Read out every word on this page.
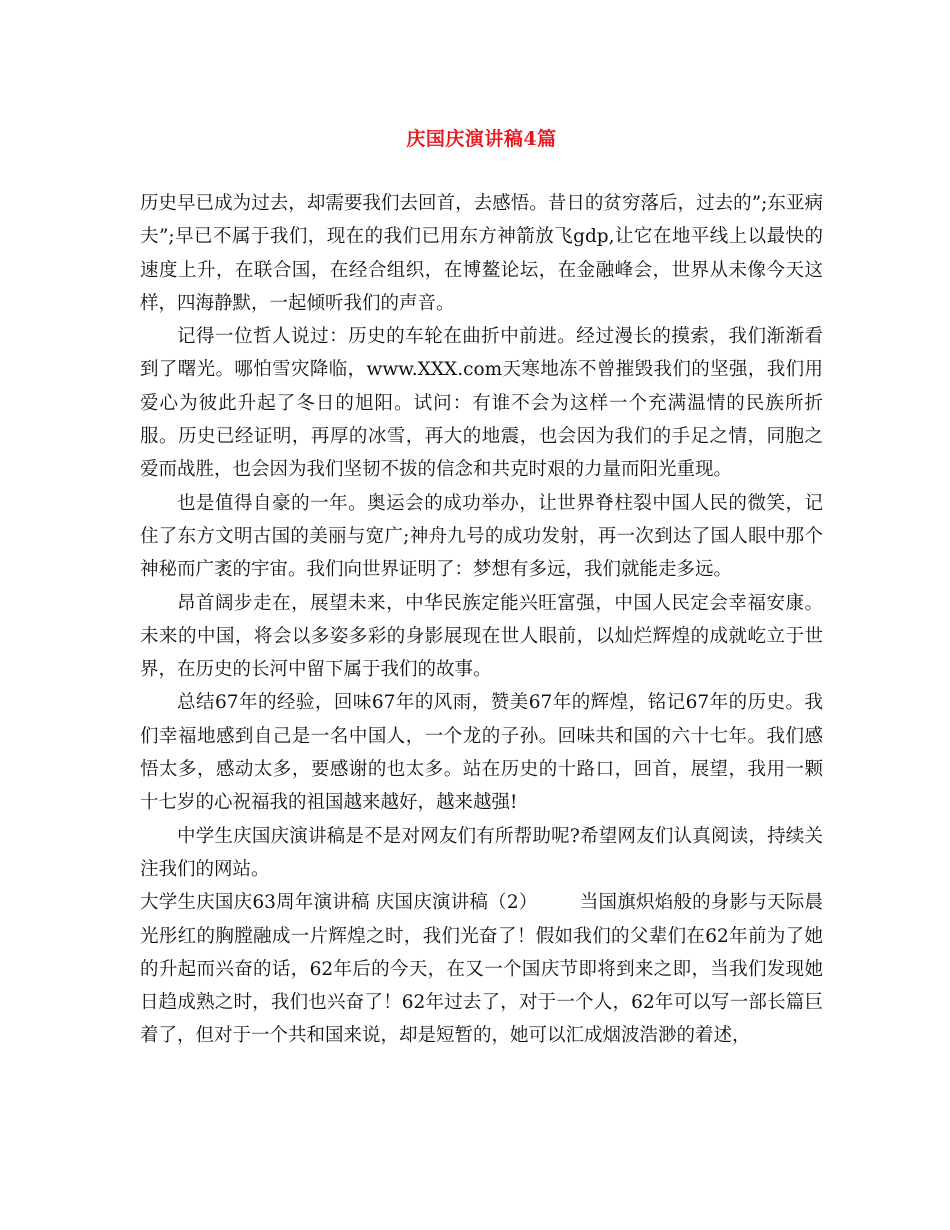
庆国庆演讲稿4篇

历史早已成为过去，却需要我们去回首，去感悟。昔日的贫穷落后，过去的”;东亚病夫”;早已不属于我们，现在的我们已用东方神箭放飞gdp,让它在地平线上以最快的速度上升，在联合国，在经合组织，在博鳌论坛，在金融峰会，世界从未像今天这样，四海静默，一起倾听我们的声音。

记得一位哲人说过：历史的车轮在曲折中前进。经过漫长的摸索，我们渐渐看到了曙光。哪怕雪灾降临，www.XXX.com天寒地冻不曾摧毁我们的坚强，我们用爱心为彼此升起了冬日的旭阳。试问：有谁不会为这样一个充满温情的民族所折服。历史已经证明，再厚的冰雪，再大的地震，也会因为我们的手足之情，同胞之爱而战胜，也会因为我们坚韧不拔的信念和共克时艰的力量而阳光重现。

也是值得自豪的一年。奥运会的成功举办，让世界脊柱裂中国人民的微笑，记住了东方文明古国的美丽与宽广;神舟九号的成功发射，再一次到达了国人眼中那个神秘而广袤的宇宙。我们向世界证明了：梦想有多远，我们就能走多远。

昂首阔步走在，展望未来，中华民族定能兴旺富强，中国人民定会幸福安康。未来的中国，将会以多姿多彩的身影展现在世人眼前，以灿烂辉煌的成就屹立于世界，在历史的长河中留下属于我们的故事。

总结67年的经验，回味67年的风雨，赞美67年的辉煌，铭记67年的历史。我们幸福地感到自己是一名中国人，一个龙的子孙。回味共和国的六十七年。我们感悟太多，感动太多，要感谢的也太多。站在历史的十路口，回首，展望，我用一颗十七岁的心祝福我的祖国越来越好，越来越强!

中学生庆国庆演讲稿是不是对网友们有所帮助呢?希望网友们认真阅读，持续关注我们的网站。

大学生庆国庆63周年演讲稿 庆国庆演讲稿（2） 当国旗炽焰般的身影与天际晨光彤红的胸膛融成一片辉煌之时，我们光奋了！假如我们的父辈们在62年前为了她的升起而兴奋的话，62年后的今天，在又一个国庆节即将到来之即，当我们发现她日趋成熟之时，我们也兴奋了！62年过去了，对于一个人，62年可以写一部长篇巨着了，但对于一个共和国来说，却是短暂的，她可以汇成烟波浩渺的着述，
